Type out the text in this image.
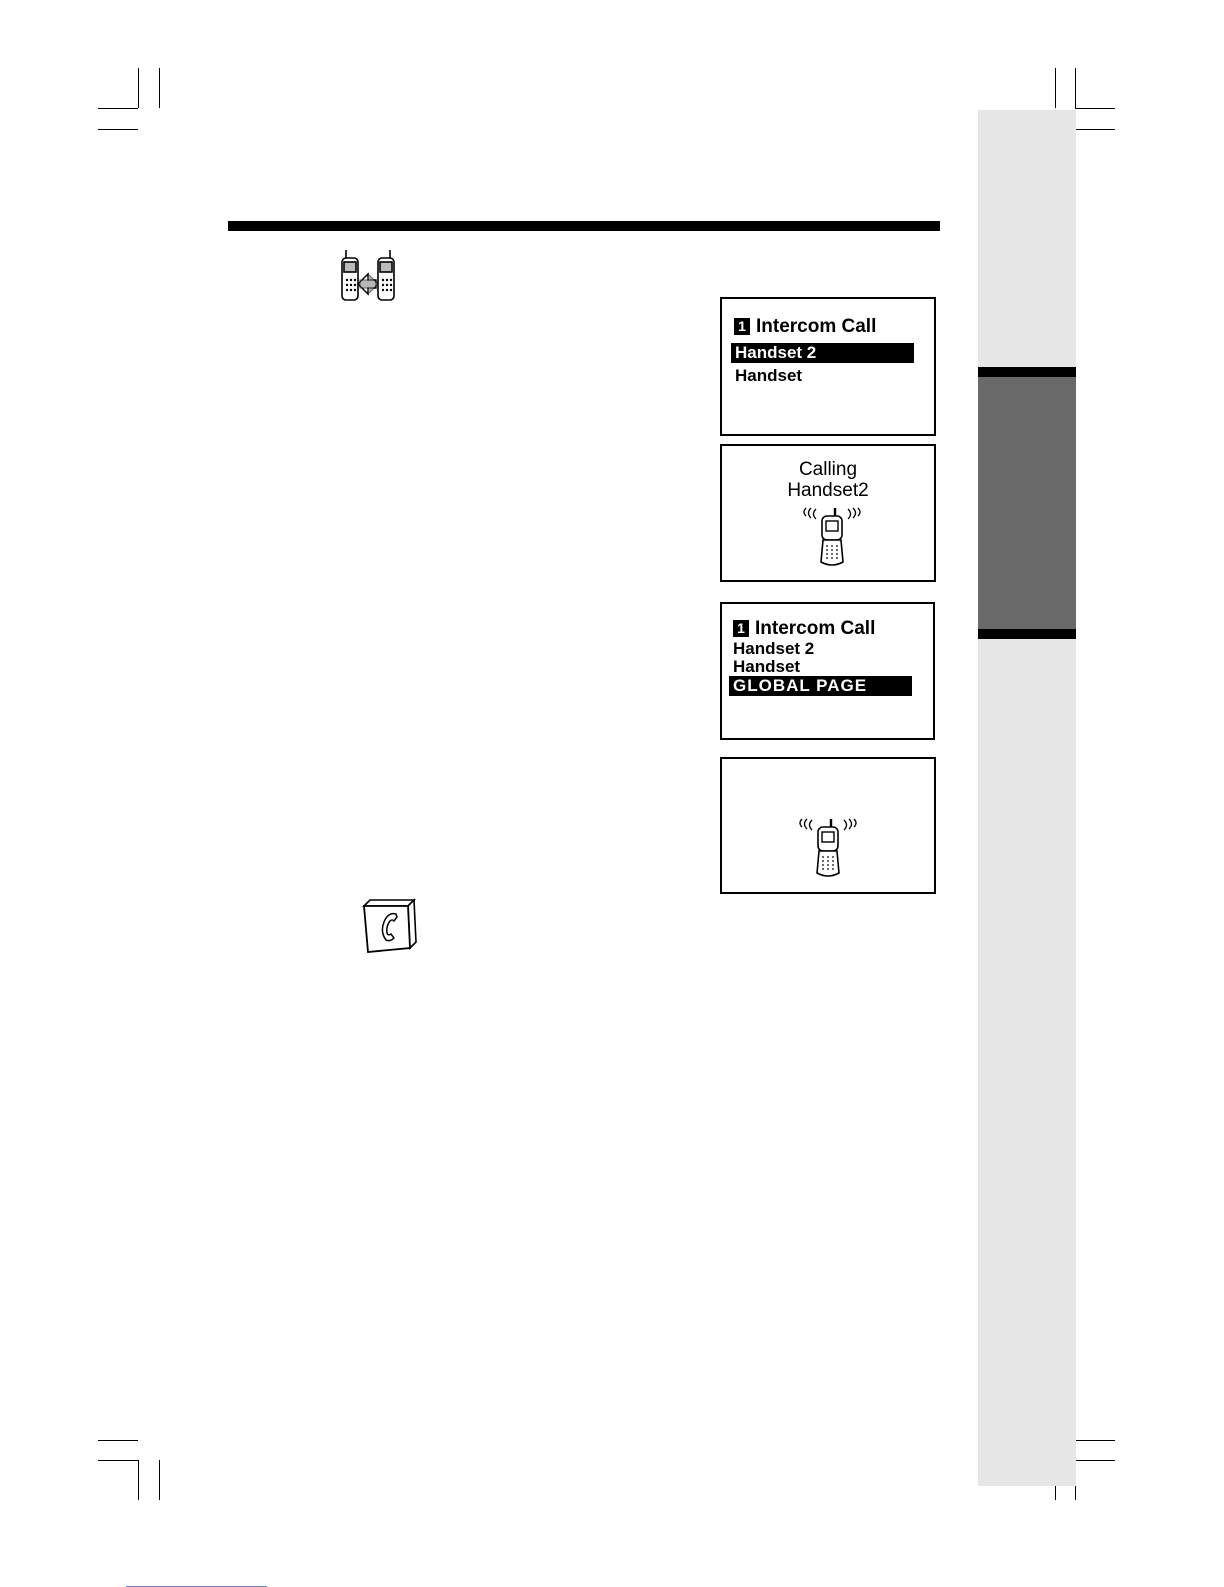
1 Intercom Call
Handset 2
Handset
Calling
Handset2
1 Intercom Call
Handset 2
Handset
GLOBAL PAGE
